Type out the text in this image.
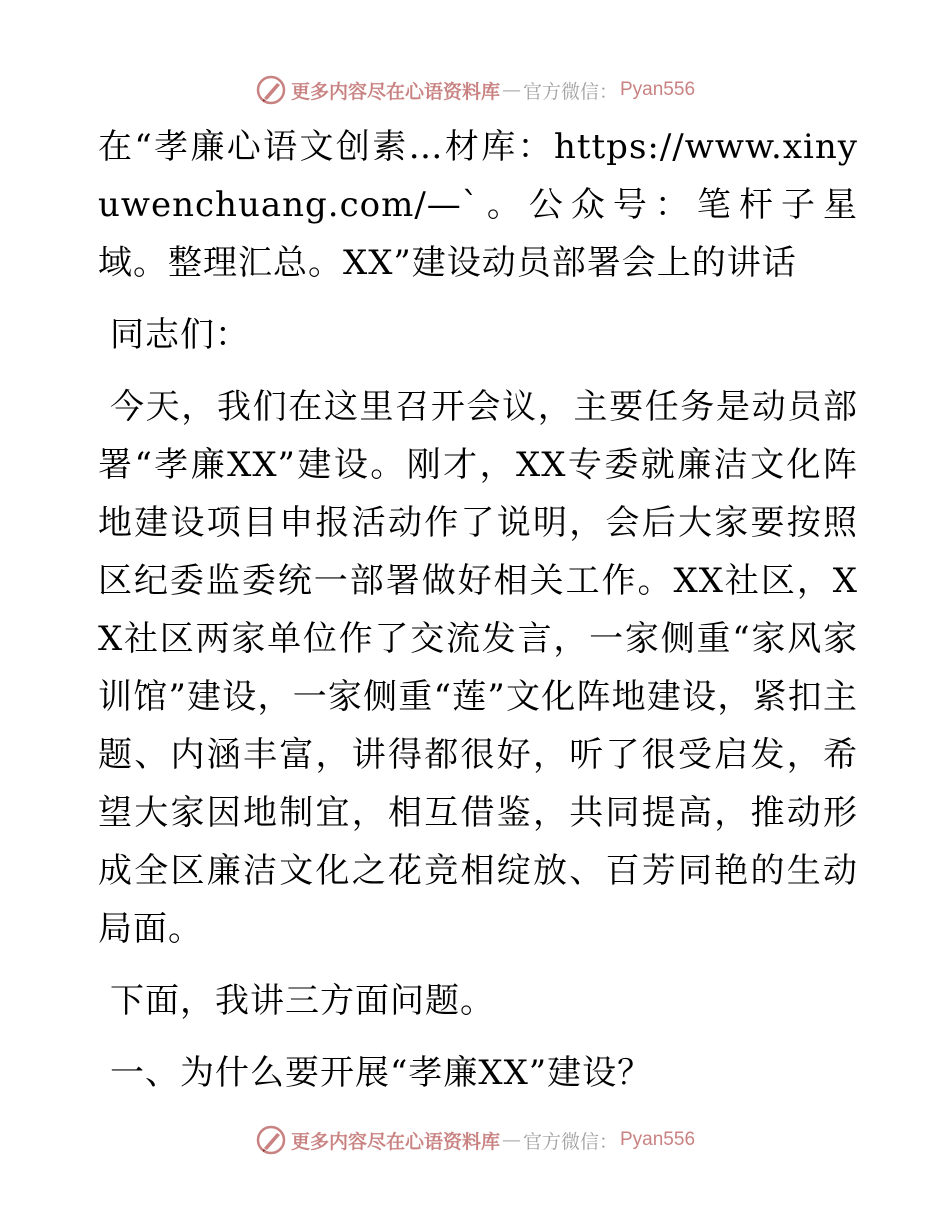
更多内容尽在心语资料库 — 官方微信： Pyan556

在“孝廉心语文创素…材库：https://www.xinyuwenchuang.com/—`。公众号：笔杆子星域。整理汇总。XX”建设动员部署会上的讲话

同志们：

今天，我们在这里召开会议，主要任务是动员部署“孝廉XX”建设。刚才，XX专委就廉洁文化阵地建设项目申报活动作了说明，会后大家要按照区纪委监委统一部署做好相关工作。XX社区，XX社区两家单位作了交流发言，一家侧重“家风家训馆”建设，一家侧重“莲”文化阵地建设，紧扣主题、内涵丰富，讲得都很好，听了很受启发，希望大家因地制宜，相互借鉴，共同提高，推动形成全区廉洁文化之花竞相绽放、百芳同艳的生动局面。

下面，我讲三方面问题。

一、为什么要开展“孝廉XX”建设？

更多内容尽在心语资料库 — 官方微信： Pyan556
